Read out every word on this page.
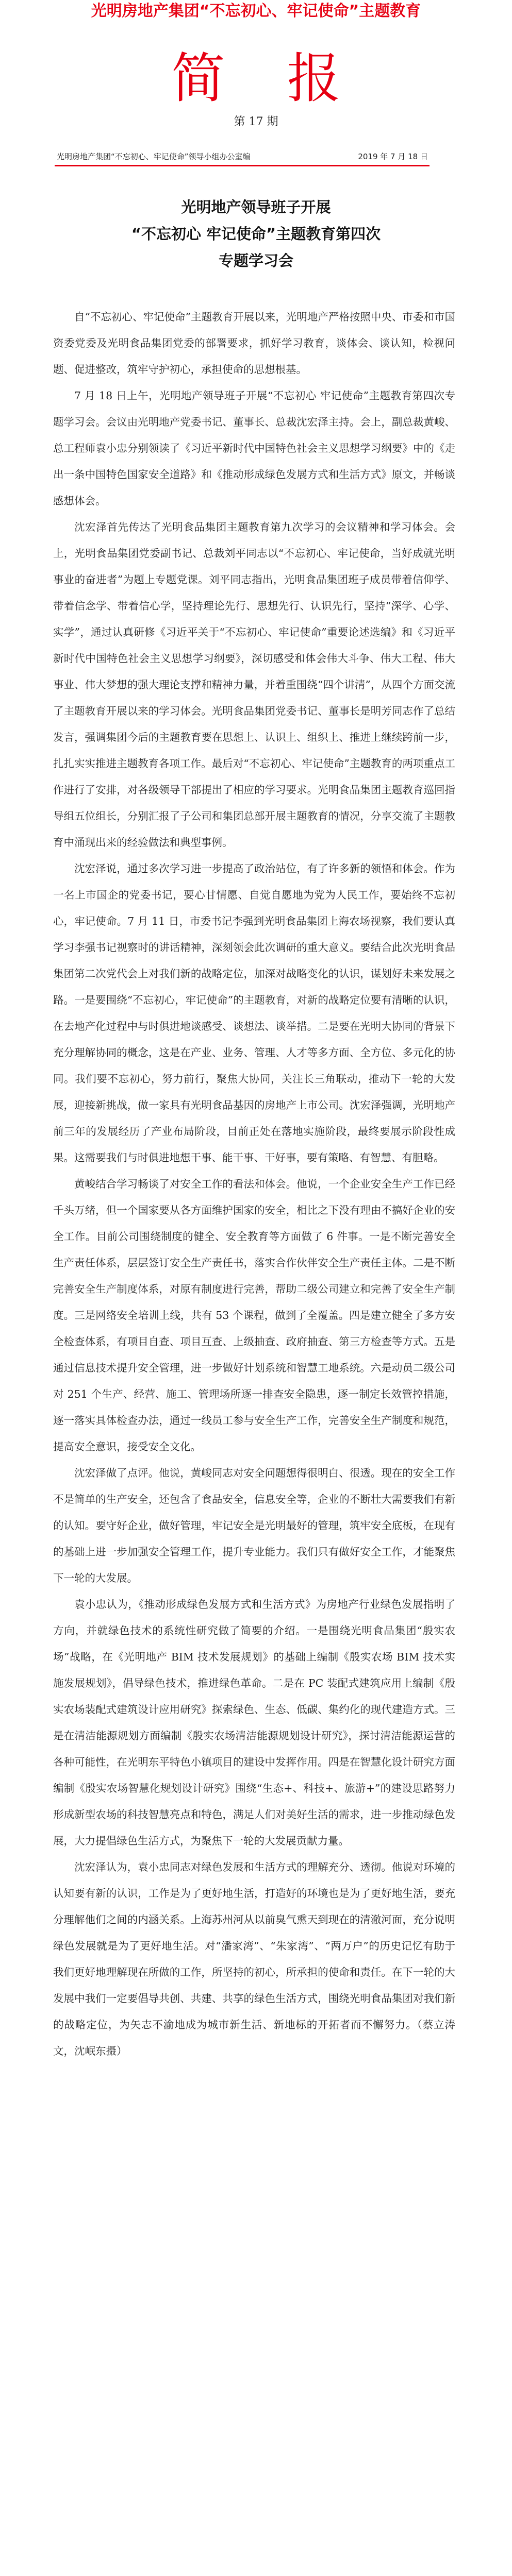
光明房地产集团“不忘初心、牢记使命”主题教育
简 报
第 17 期
光明房地产集团“不忘初心、牢记使命”领导小组办公室编	2019 年 7 月 18 日
光明地产领导班子开展
“不忘初心 牢记使命”主题教育第四次
专题学习会

自“不忘初心、牢记使命”主题教育开展以来，光明地产严格按照中央、市委和市国资委党委及光明食品集团党委的部署要求，抓好学习教育，谈体会、谈认知，检视问题、促进整改，筑牢守护初心，承担使命的思想根基。

7 月 18 日上午，光明地产领导班子开展“不忘初心 牢记使命”主题教育第四次专题学习会。会议由光明地产党委书记、董事长、总裁沈宏泽主持。会上，副总裁黄峻、总工程师袁小忠分别领读了《习近平新时代中国特色社会主义思想学习纲要》中的《走出一条中国特色国家安全道路》和《推动形成绿色发展方式和生活方式》原文，并畅谈感想体会。

沈宏泽首先传达了光明食品集团主题教育第九次学习的会议精神和学习体会。会上，光明食品集团党委副书记、总裁刘平同志以“不忘初心、牢记使命，当好成就光明事业的奋进者”为题上专题党课。刘平同志指出，光明食品集团班子成员带着信仰学、带着信念学、带着信心学，坚持理论先行、思想先行、认识先行，坚持“深学、心学、实学”，通过认真研修《习近平关于“不忘初心、牢记使命”重要论述选编》和《习近平新时代中国特色社会主义思想学习纲要》，深切感受和体会伟大斗争、伟大工程、伟大事业、伟大梦想的强大理论支撑和精神力量，并着重围绕“四个讲清”，从四个方面交流了主题教育开展以来的学习体会。光明食品集团党委书记、董事长是明芳同志作了总结发言，强调集团今后的主题教育要在思想上、认识上、组织上、推进上继续跨前一步，扎扎实实推进主题教育各项工作。最后对“不忘初心、牢记使命”主题教育的两项重点工作进行了安排，对各级领导干部提出了相应的学习要求。光明食品集团主题教育巡回指导组五位组长，分别汇报了子公司和集团总部开展主题教育的情况，分享交流了主题教育中涌现出来的经验做法和典型事例。

沈宏泽说，通过多次学习进一步提高了政治站位，有了许多新的领悟和体会。作为一名上市国企的党委书记，要心甘情愿、自觉自愿地为党为人民工作，要始终不忘初心，牢记使命。7 月 11 日，市委书记李强到光明食品集团上海农场视察，我们要认真学习李强书记视察时的讲话精神，深刻领会此次调研的重大意义。要结合此次光明食品集团第二次党代会上对我们新的战略定位，加深对战略变化的认识，谋划好未来发展之路。一是要围绕“不忘初心，牢记使命”的主题教育，对新的战略定位要有清晰的认识，在去地产化过程中与时俱进地谈感受、谈想法、谈举措。二是要在光明大协同的背景下充分理解协同的概念，这是在产业、业务、管理、人才等多方面、全方位、多元化的协同。我们要不忘初心，努力前行，聚焦大协同，关注长三角联动，推动下一轮的大发展，迎接新挑战，做一家具有光明食品基因的房地产上市公司。沈宏泽强调，光明地产前三年的发展经历了产业布局阶段，目前正处在落地实施阶段，最终要展示阶段性成果。这需要我们与时俱进地想干事、能干事、干好事，要有策略、有智慧、有胆略。

黄峻结合学习畅谈了对安全工作的看法和体会。他说，一个企业安全生产工作已经千头万绪，但一个国家要从各方面维护国家的安全，相比之下没有理由不搞好企业的安全工作。目前公司围绕制度的健全、安全教育等方面做了 6 件事。一是不断完善安全生产责任体系，层层签订安全生产责任书，落实合作伙伴安全生产责任主体。二是不断完善安全生产制度体系，对原有制度进行完善，帮助二级公司建立和完善了安全生产制度。三是网络安全培训上线，共有 53 个课程，做到了全覆盖。四是建立健全了多方安全检查体系，有项目自查、项目互查、上级抽查、政府抽查、第三方检查等方式。五是通过信息技术提升安全管理，进一步做好计划系统和智慧工地系统。六是动员二级公司对 251 个生产、经营、施工、管理场所逐一排查安全隐患，逐一制定长效管控措施，逐一落实具体检查办法，通过一线员工参与安全生产工作，完善安全生产制度和规范，提高安全意识，接受安全文化。

沈宏泽做了点评。他说，黄峻同志对安全问题想得很明白、很透。现在的安全工作不是简单的生产安全，还包含了食品安全，信息安全等，企业的不断壮大需要我们有新的认知。要守好企业，做好管理，牢记安全是光明最好的管理，筑牢安全底板，在现有的基础上进一步加强安全管理工作，提升专业能力。我们只有做好安全工作，才能聚焦下一轮的大发展。

袁小忠认为，《推动形成绿色发展方式和生活方式》为房地产行业绿色发展指明了方向，并就绿色技术的系统性研究做了简要的介绍。一是围绕光明食品集团“殷实农场”战略，在《光明地产 BIM 技术发展规划》的基础上编制《殷实农场 BIM 技术实施发展规划》，倡导绿色技术，推进绿色革命。二是在 PC 装配式建筑应用上编制《殷实农场装配式建筑设计应用研究》探索绿色、生态、低碳、集约化的现代建造方式。三是在清洁能源规划方面编制《殷实农场清洁能源规划设计研究》，探讨清洁能源运营的各种可能性，在光明东平特色小镇项目的建设中发挥作用。四是在智慧化设计研究方面编制《殷实农场智慧化规划设计研究》围绕“生态+、科技+、旅游+”的建设思路努力形成新型农场的科技智慧亮点和特色，满足人们对美好生活的需求，进一步推动绿色发展，大力提倡绿色生活方式，为聚焦下一轮的大发展贡献力量。

沈宏泽认为，袁小忠同志对绿色发展和生活方式的理解充分、透彻。他说对环境的认知要有新的认识，工作是为了更好地生活，打造好的环境也是为了更好地生活，要充分理解他们之间的内涵关系。上海苏州河从以前臭气熏天到现在的清澈河面，充分说明绿色发展就是为了更好地生活。对“潘家湾”、“朱家湾”、“两万户”的历史记忆有助于我们更好地理解现在所做的工作，所坚持的初心，所承担的使命和责任。在下一轮的大发展中我们一定要倡导共创、共建、共享的绿色生活方式，围绕光明食品集团对我们新的战略定位，为矢志不渝地成为城市新生活、新地标的开拓者而不懈努力。（蔡立涛文，沈岷东摄）
